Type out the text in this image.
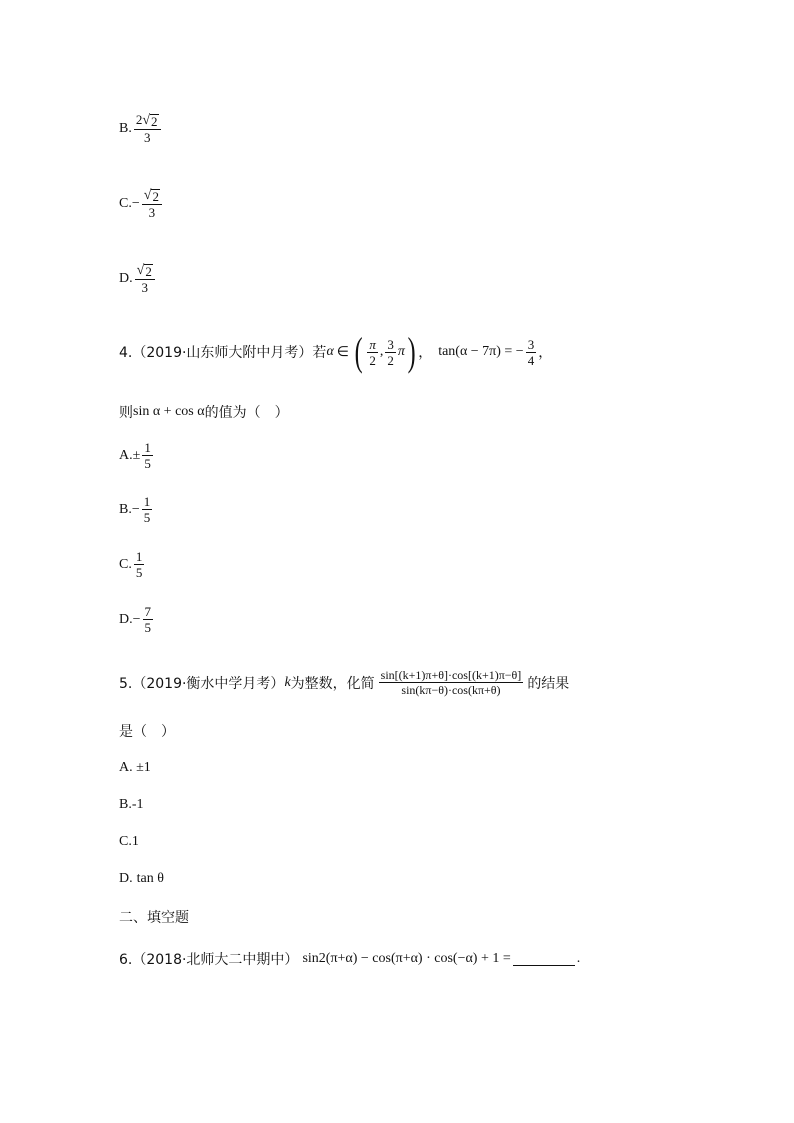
B. $\frac{2 √ 2}{3}$
C. − $\frac{√ 2}{3}$
D. $\frac{√ 2}{3}$
4.（2019·山东师大附中月考）若 α ∈ ( $\frac{\pi}{2}$ , $\frac{3}{2}$ π ) ， tan(α − 7π) = − $\frac{3}{4}$ ，
则 sin α + cos α 的值为（　）
A. ± $\frac{1}{5}$
B. − $\frac{1}{5}$
C. $\frac{1}{5}$
D. − $\frac{7}{5}$
5.（2019·衡水中学月考） k 为整数，化简 $\frac{\sin[(k+1)\pi+\theta]\cdot\cos[(k+1)\pi-\theta]}{\sin(k\pi-\theta)\cdot\cos(k\pi+\theta)}$ 的结果
是（　）
A. ±1
B.-1
C.1
D. tan θ
二、填空题
6.（2018·北师大二中期中） sin 2 (π+α) − cos(π+α) · cos(−α) + 1 =	.
